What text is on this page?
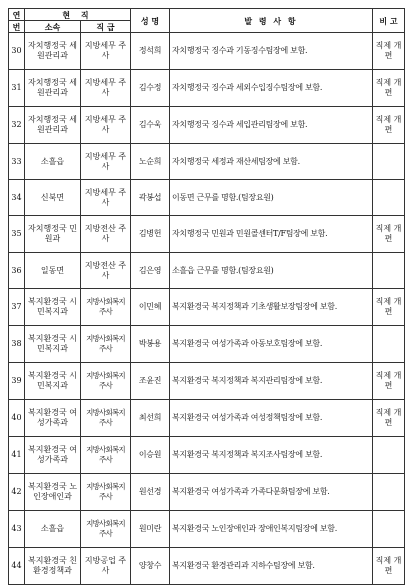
연	현 직		성 명	발 령 사 항	비 고
번	소속	직 급			
30	자치행정국 세원관리과	지방세무 주사	정석희	자치행정국 징수과 기동징수팀장에 보함.	직제 개편
31	자치행정국 세원관리과	지방세무 주사	김수정	자치행정국 징수과 세외수입징수팀장에 보함.	직제 개편
32	자치행정국 세원관리과	지방세무 주사	김수욱	자치행정국 징수과 세입관리팀장에 보함.	직제 개편
33	소흘읍	지방세무 주사	노순희	자치행정국 세정과 재산세팀장에 보함.	
34	신북면	지방세무 주사	곽봉섭	이동면 근무를 명함.(팀장요원)	
35	자치행정국 민원과	지방전산 주사	김병헌	자치행정국 민원과 민원콜센터T/F팀장에 보함.	직제 개편
36	일동면	지방전산 주사	김은영	소흘읍 근무를 명함.(팀장요원)	
37	복지환경국 시민복지과	지방사회복지 주사	이민혜	복지환경국 복지정책과 기초생활보장팀장에 보함.	직제 개편
38	복지환경국 시민복지과	지방사회복지 주사	박봉용	복지환경국 여성가족과 아동보호팀장에 보함.	
39	복지환경국 시민복지과	지방사회복지 주사	조윤진	복지환경국 복지정책과 복지관리팀장에 보함.	직제 개편
40	복지환경국 여성가족과	지방사회복지 주사	최선희	복지환경국 여성가족과 여성정책팀장에 보함.	직제 개편
41	복지환경국 여성가족과	지방사회복지 주사	이승원	복지환경국 복지정책과 복지조사팀장에 보함.	
42	복지환경국 노인장애인과	지방사회복지 주사	원선경	복지환경국 여성가족과 가족다문화팀장에 보함.	
43	소흘읍	지방사회복지 주사	원미란	복지환경국 노인장애인과 장애인복지팀장에 보함.	
44	복지환경국 친환경정책과	지방공업 주사	양창수	복지환경국 환경관리과 지하수팀장에 보함.	직제 개편
